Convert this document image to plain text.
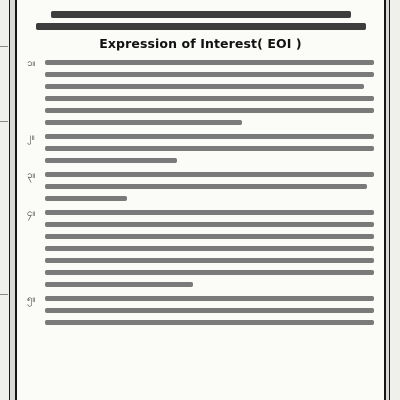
Expression of Interest( EOI )
၁။
၂။
၃။
၄။
၅။
